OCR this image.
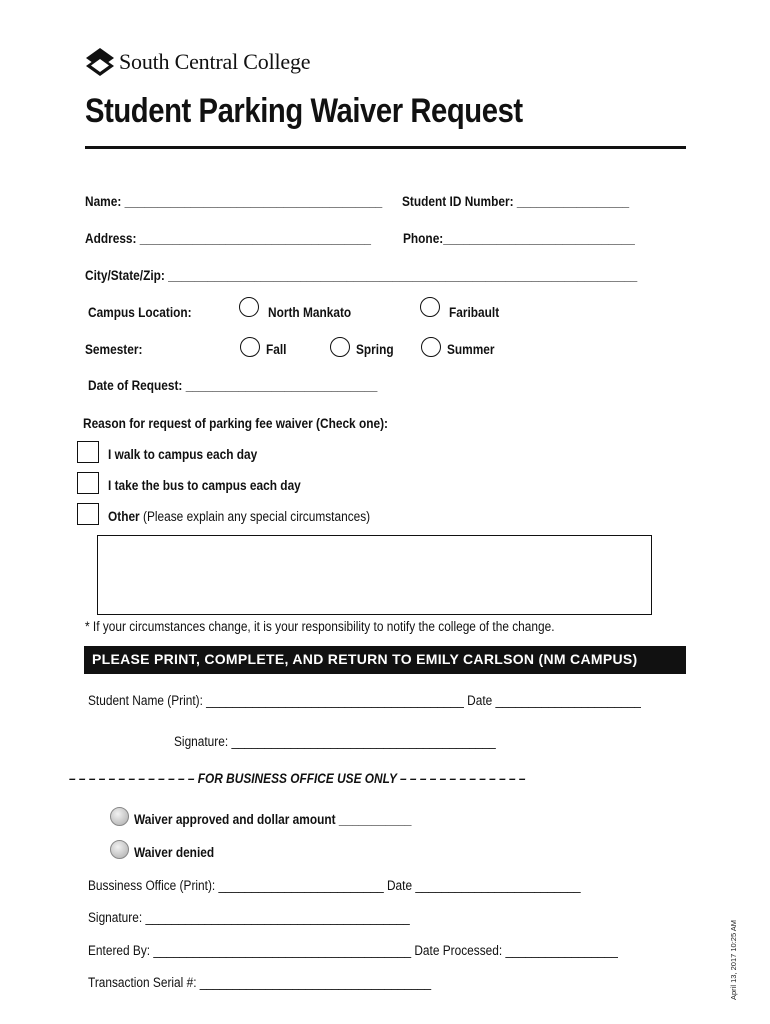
South Central College
Student Parking Waiver Request
Name: _______________________________________ Student ID Number: _________________
Address: ___________________________________ Phone:_____________________________
City/State/Zip: _______________________________________________________________________
Campus Location:	North Mankato	Faribault
Semester:	Fall	Spring	Summer
Date of Request: _____________________________
Reason for request of parking fee waiver (Check one):
I walk to campus each day
I take the bus to campus each day
Other (Please explain any special circumstances)
* If your circumstances change, it is your responsibility to notify the college of the change.
PLEASE PRINT, COMPLETE, AND RETURN TO EMILY CARLSON (NM CAMPUS)
Student Name (Print): _______________________________________ Date ______________________
Signature: ________________________________________
– – – – – – – – – – – – – FOR BUSINESS OFFICE USE ONLY – – – – – – – – – – – – –
Waiver approved and dollar amount ___________
Waiver denied
Bussiness Office (Print): _________________________ Date _________________________
Signature: ________________________________________
Entered By: _______________________________________ Date Processed: _________________
Transaction Serial #: ___________________________________	April 13, 2017 10:25 AM
